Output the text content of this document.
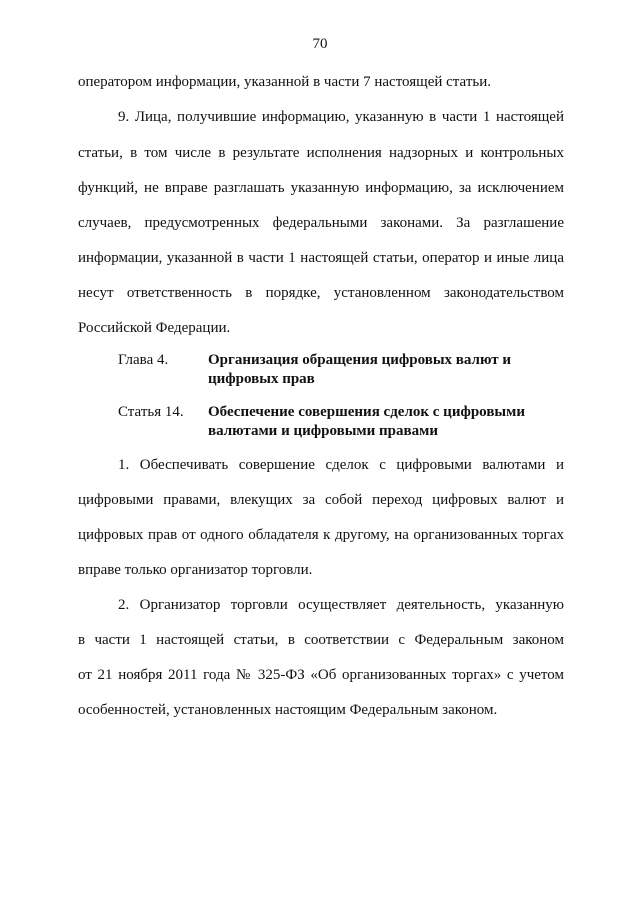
70
оператором информации, указанной в части 7 настоящей статьи.
9. Лица, получившие информацию, указанную в части 1 настоящей
статьи, в том числе в результате исполнения надзорных и контрольных
функций, не вправе разглашать указанную информацию, за исключением
случаев, предусмотренных федеральными законами. За разглашение
информации, указанной в части 1 настоящей статьи, оператор и иные лица
несут ответственность в порядке, установленном законодательством
Российской Федерации.
Глава 4.	Организация обращения цифровых валют и
цифровых прав
Статья 14. Обеспечение совершения сделок с цифровыми
валютами и цифровыми правами
1. Обеспечивать совершение сделок с цифровыми валютами и
цифровыми правами, влекущих за собой переход цифровых валют и
цифровых прав от одного обладателя к другому, на организованных торгах
вправе только организатор торговли.
2. Организатор торговли осуществляет деятельность, указанную
в части 1 настоящей статьи, в соответствии с Федеральным законом
от 21 ноября 2011 года № 325-ФЗ «Об организованных торгах» с учетом
особенностей, установленных настоящим Федеральным законом.
